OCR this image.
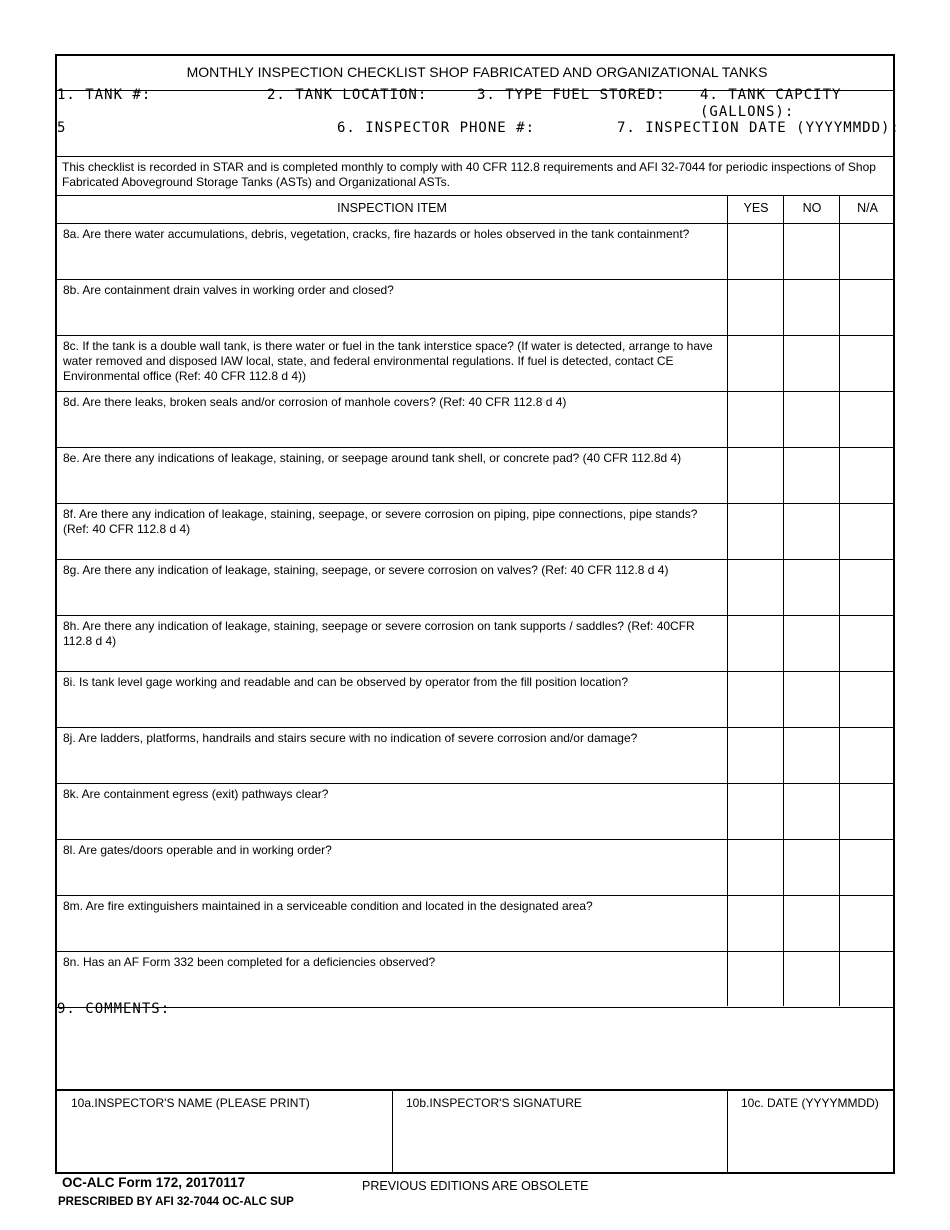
MONTHLY INSPECTION CHECKLIST SHOP FABRICATED AND ORGANIZATIONAL TANKS
1. TANK #:	2. TANK LOCATION:	3. TYPE FUEL STORED: 4. TANK CAPCITY
(GALLONS):
5	6. INSPECTOR PHONE #:	7. INSPECTION DATE (YYYYMMDD):
This checklist is recorded in STAR and is completed monthly to comply with 40 CFR 112.8 requirements and AFI 32-7044 for periodic inspections of Shop Fabricated Aboveground Storage Tanks (ASTs) and Organizational ASTs.
INSPECTION ITEM	YES	NO	N/A
8a. Are there water accumulations, debris, vegetation, cracks, fire hazards or holes observed in the tank containment?
8b. Are containment drain valves in working order and closed?
8c. If the tank is a double wall tank, is there water or fuel in the tank interstice space? (If water is detected, arrange to have water removed and disposed IAW local, state, and federal environmental regulations. If fuel is detected, contact CE Environmental office (Ref: 40 CFR 112.8 d 4))
8d. Are there leaks, broken seals and/or corrosion of manhole covers? (Ref: 40 CFR 112.8 d 4)
8e. Are there any indications of leakage, staining, or seepage around tank shell, or concrete pad? (40 CFR 112.8d 4)
8f. Are there any indication of leakage, staining, seepage, or severe corrosion on piping, pipe connections, pipe stands? (Ref: 40 CFR 112.8 d 4)
8g. Are there any indication of leakage, staining, seepage, or severe corrosion on valves? (Ref: 40 CFR 112.8 d 4)
8h. Are there any indication of leakage, staining, seepage or severe corrosion on tank supports / saddles? (Ref: 40CFR 112.8 d 4)
8i. Is tank level gage working and readable and can be observed by operator from the fill position location?
8j. Are ladders, platforms, handrails and stairs secure with no indication of severe corrosion and/or damage?
8k. Are containment egress (exit) pathways clear?
8l. Are gates/doors operable and in working order?
8m. Are fire extinguishers maintained in a serviceable condition and located in the designated area?
8n. Has an AF Form 332 been completed for a deficiencies observed?
9. COMMENTS:
10a.INSPECTOR'S NAME (PLEASE PRINT)	10b.INSPECTOR'S SIGNATURE	10c. DATE (YYYYMMDD)
OC-ALC Form 172, 20170117
PRESCRIBED BY AFI 32-7044 OC-ALC SUP
PREVIOUS EDITIONS ARE OBSOLETE
